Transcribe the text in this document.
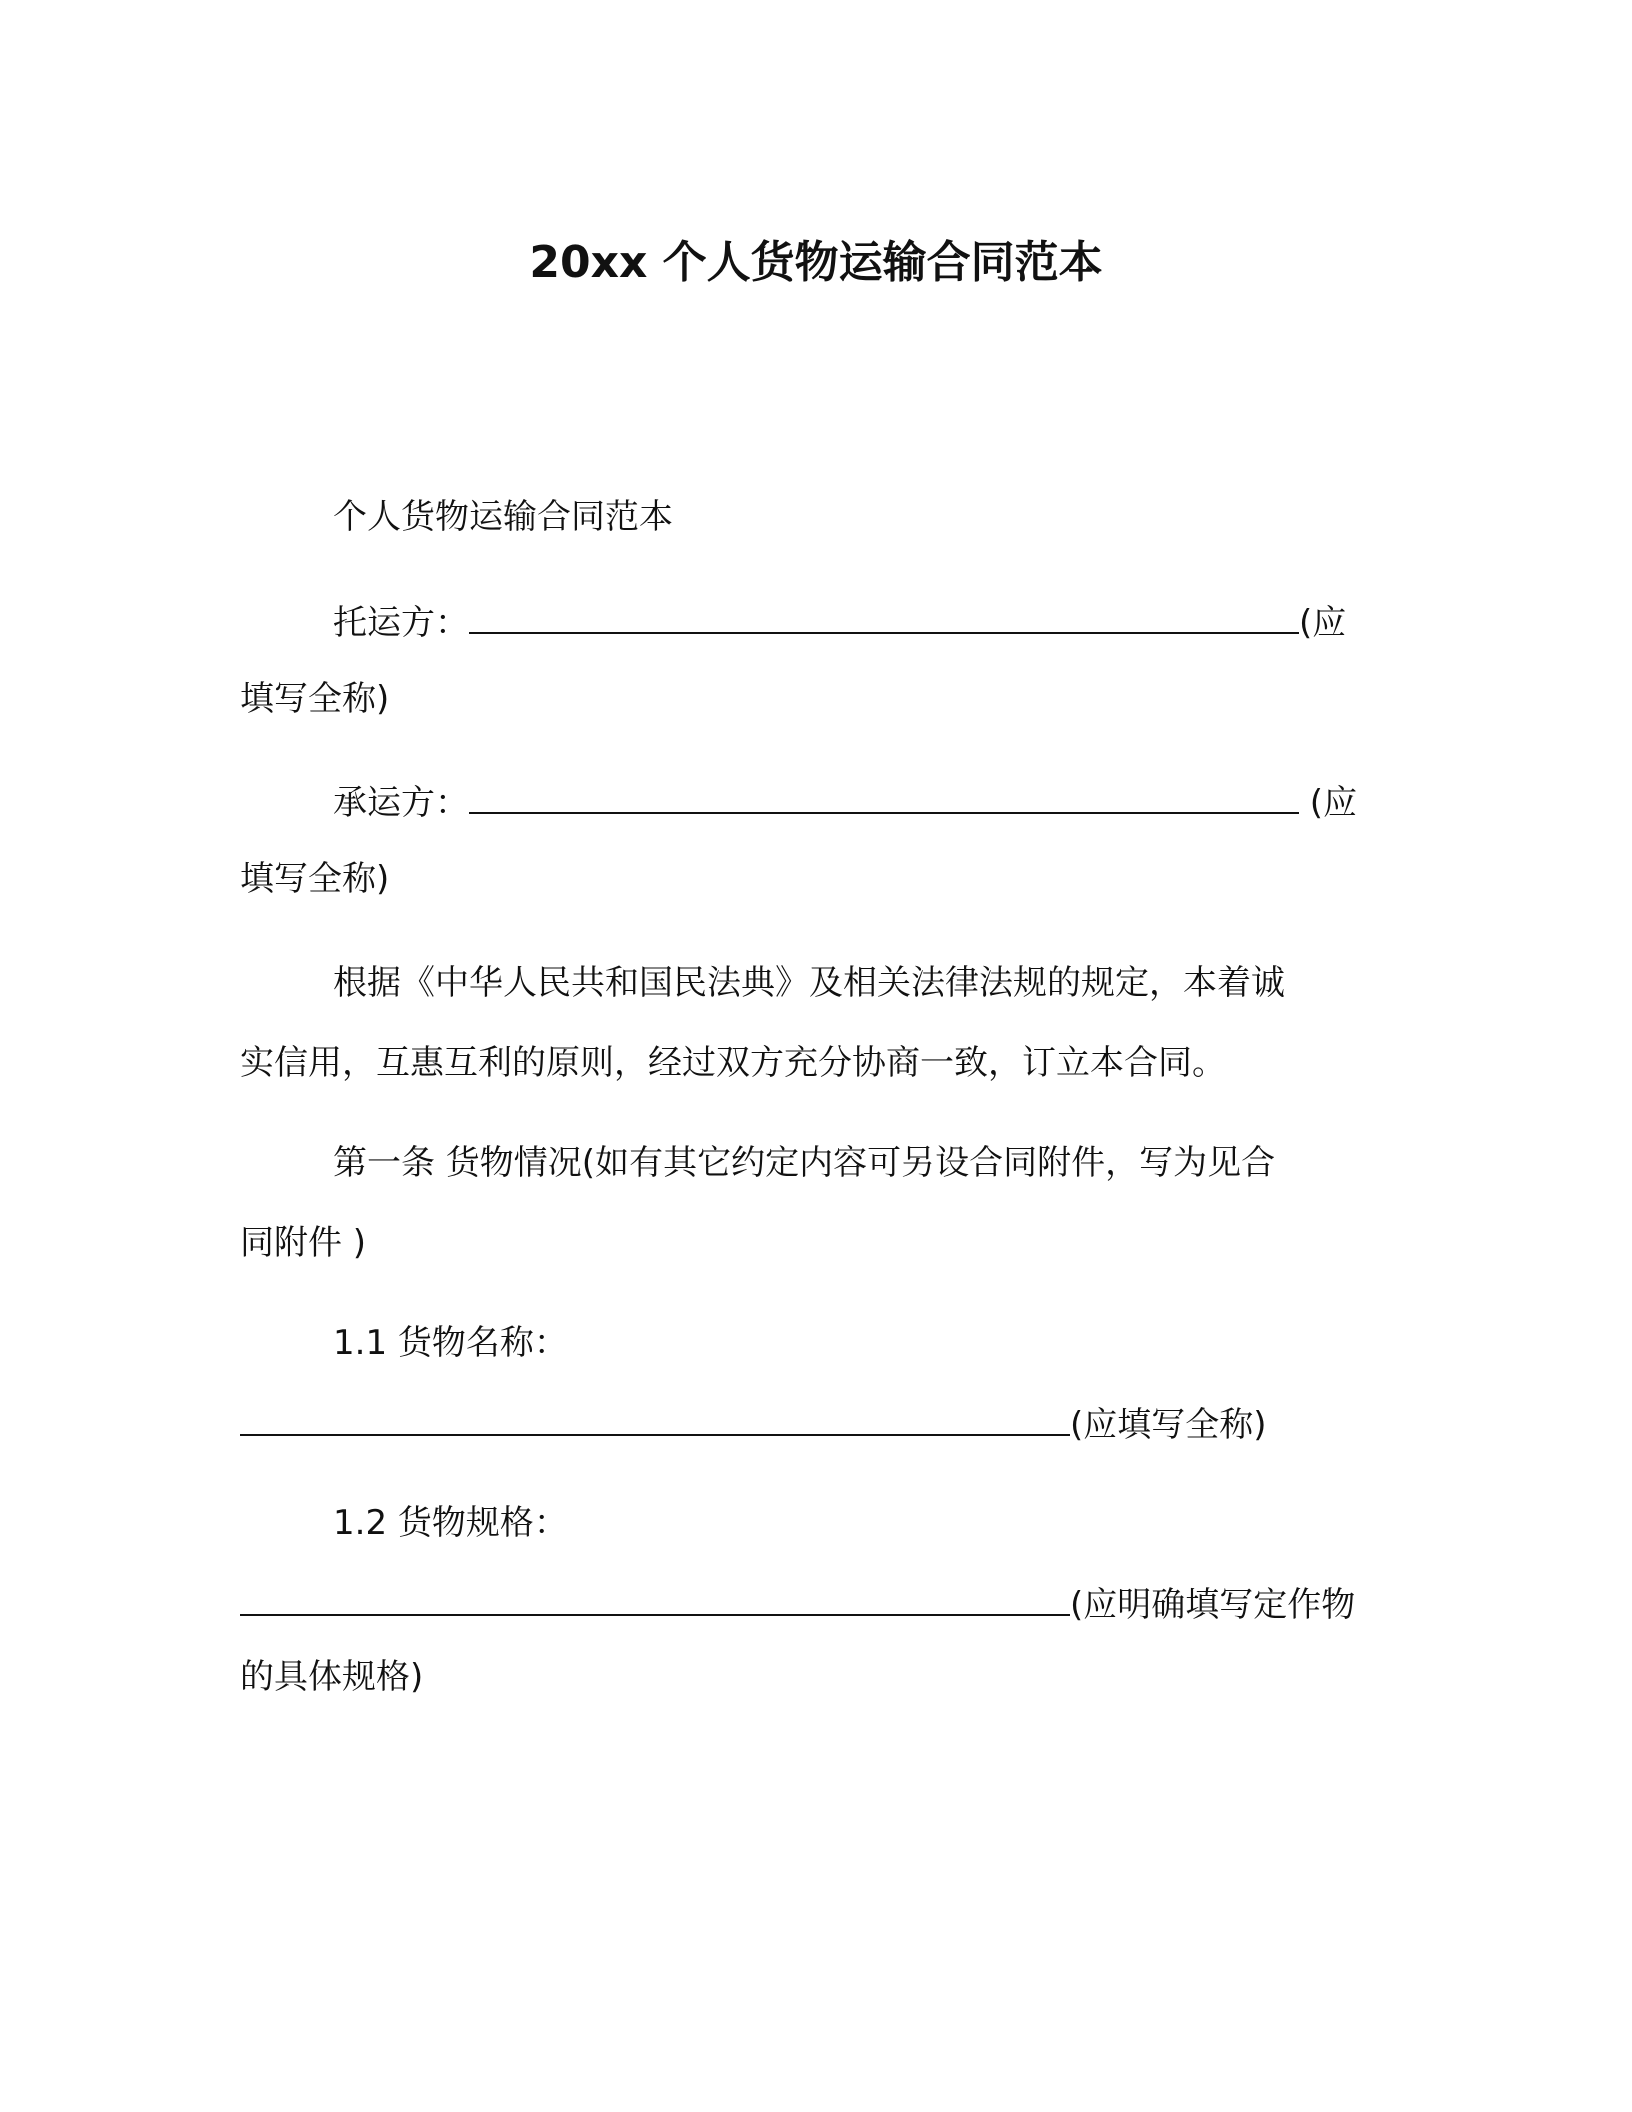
20xx 个人货物运输合同范本
个人货物运输合同范本
托运方：	(应
填写全称)
承运方：	(应
填写全称)
根据《中华人民共和国民法典》及相关法律法规的规定，本着诚
实信用，互惠互利的原则，经过双方充分协商一致，订立本合同。
第一条 货物情况(如有其它约定内容可另设合同附件，写为见合
同附件 )
1.1 货物名称：
(应填写全称)
1.2 货物规格：
(应明确填写定作物
的具体规格)
